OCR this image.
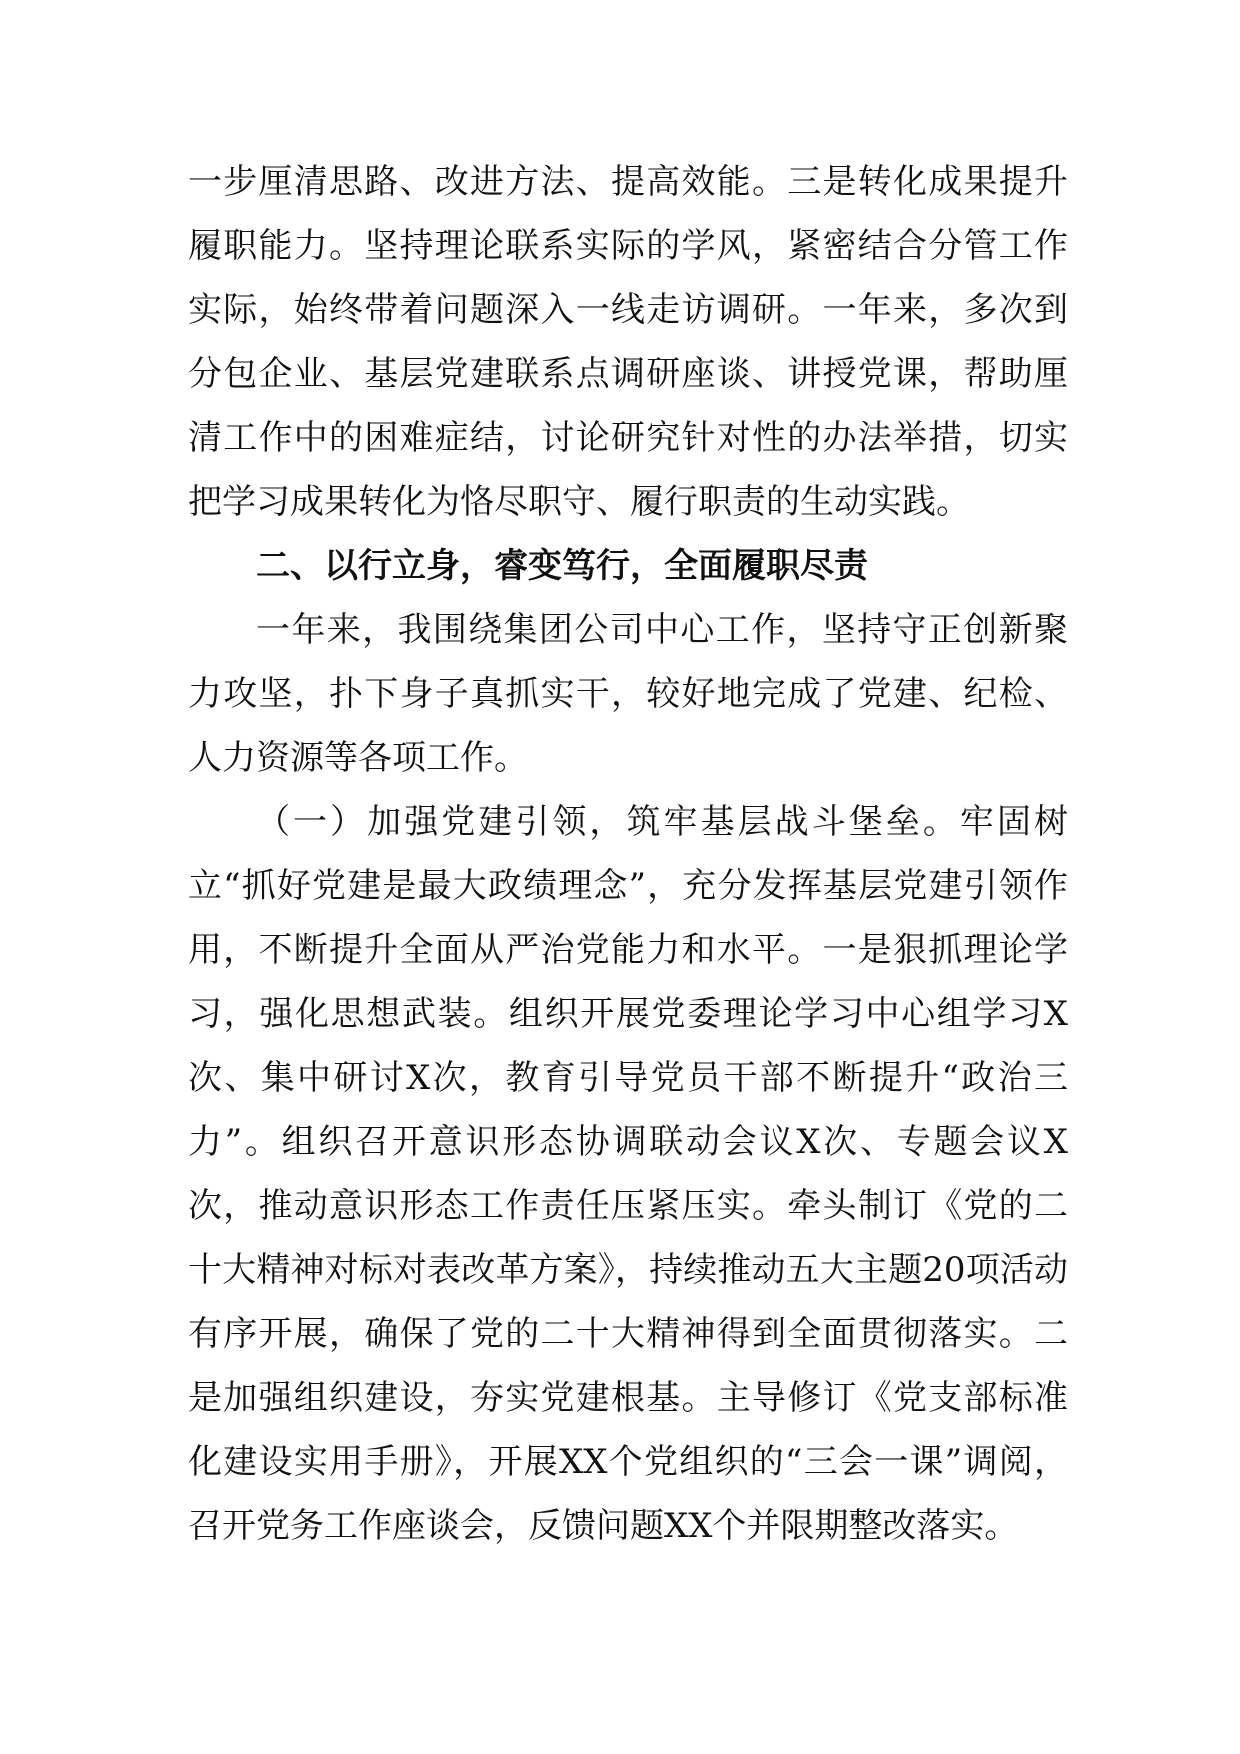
一步厘清思路、改进方法、提高效能。三是转化成果提升履职能力。坚持理论联系实际的学风，紧密结合分管工作实际，始终带着问题深入一线走访调研。一年来，多次到分包企业、基层党建联系点调研座谈、讲授党课，帮助厘清工作中的困难症结，讨论研究针对性的办法举措，切实把学习成果转化为恪尽职守、履行职责的生动实践。

二、以行立身，睿变笃行，全面履职尽责

一年来，我围绕集团公司中心工作，坚持守正创新聚力攻坚，扑下身子真抓实干，较好地完成了党建、纪检、人力资源等各项工作。

（一）加强党建引领，筑牢基层战斗堡垒。牢固树立“抓好党建是最大政绩理念”，充分发挥基层党建引领作用，不断提升全面从严治党能力和水平。一是狠抓理论学习，强化思想武装。组织开展党委理论学习中心组学习X次、集中研讨X次，教育引导党员干部不断提升“政治三力”。组织召开意识形态协调联动会议X次、专题会议X次，推动意识形态工作责任压紧压实。牵头制订《党的二十大精神对标对表改革方案》，持续推动五大主题20项活动有序开展，确保了党的二十大精神得到全面贯彻落实。二是加强组织建设，夯实党建根基。主导修订《党支部标准化建设实用手册》，开展XX个党组织的“三会一课”调阅，召开党务工作座谈会，反馈问题XX个并限期整改落实。
